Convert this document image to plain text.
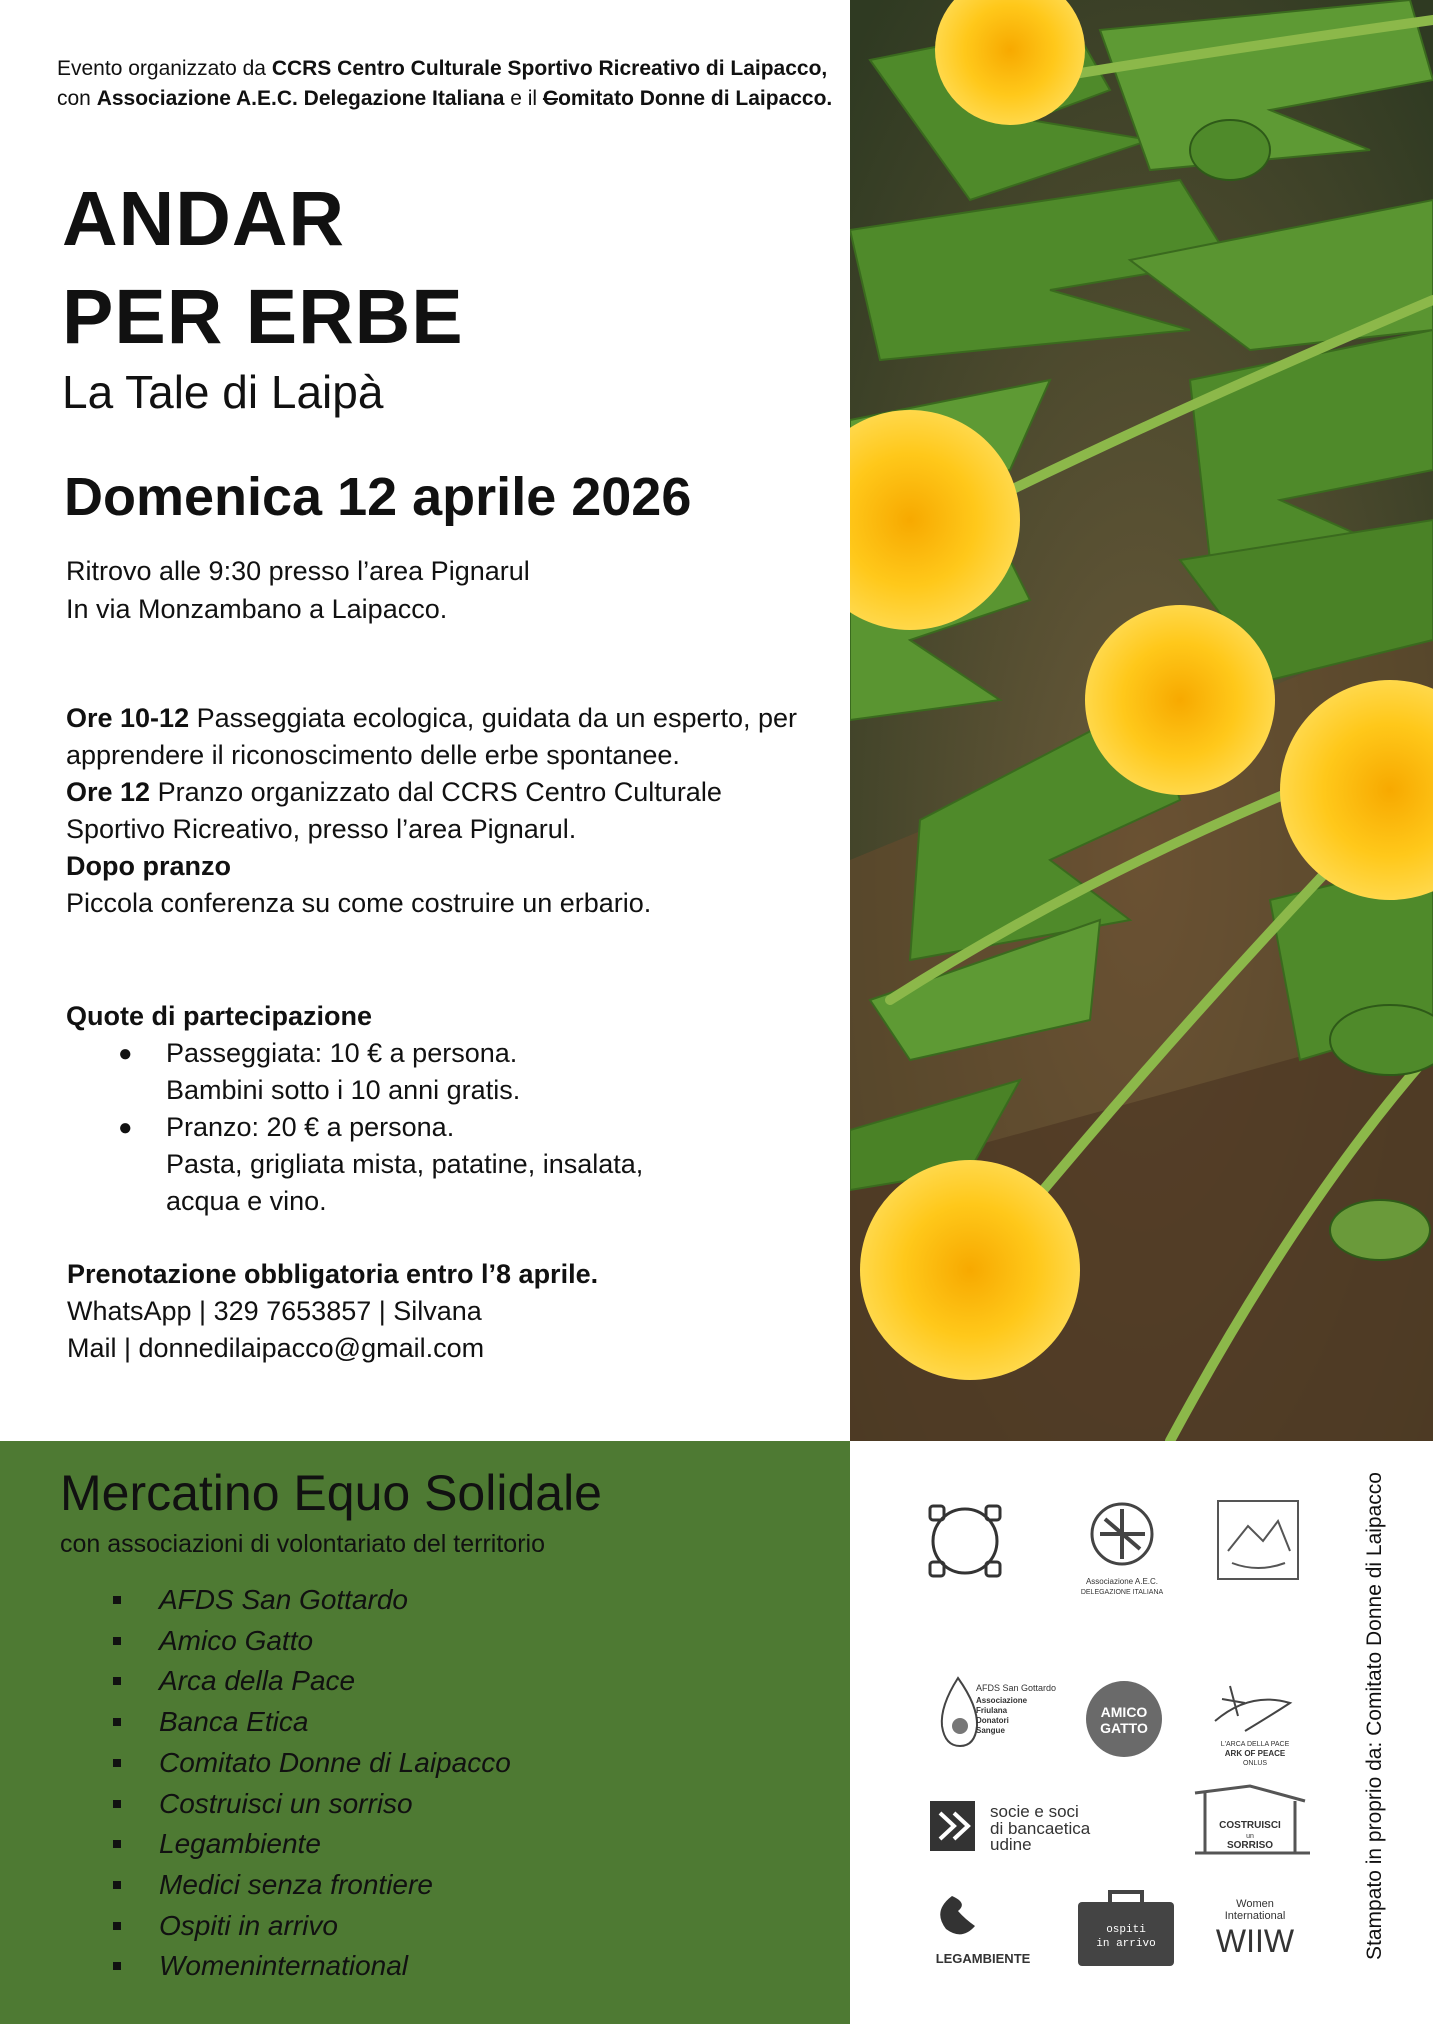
Evento organizzato da CCRS Centro Culturale Sportivo Ricreativo di Laipacco, con Associazione A.E.C. Delegazione Italiana e il Comitato Donne di Laipacco.
ANDAR
PER ERBE
La Tale di Laipà
Domenica 12 aprile 2026
Ritrovo alle 9:30 presso l’area Pignarul
In via Monzambano a Laipacco.

Ore 10-12 Passeggiata ecologica, guidata da un esperto, per apprendere il riconoscimento delle erbe spontanee.

Ore 12 Pranzo organizzato dal CCRS Centro Culturale Sportivo Ricreativo, presso l’area Pignarul.

Dopo pranzo
Piccola conferenza su come costruire un erbario.

Quote di partecipazione
● Passeggiata: 10 € a persona.
Bambini sotto i 10 anni gratis.
● Pranzo: 20 € a persona.
Pasta, grigliata mista, patatine, insalata,
acqua e vino.
Prenotazione obbligatoria entro l’8 aprile.
WhatsApp | 329 7653857 | Silvana
Mail | donnedilaipacco@gmail.com
Mercatino Equo Solidale
con associazioni di volontariato del territorio
AFDS San Gottardo
Amico Gatto
Arca della Pace
Banca Etica
Comitato Donne di Laipacco
Costruisci un sorriso
Legambiente
Medici senza frontiere
Ospiti in arrivo
Womeninternational
Associazione A.E.C.
DELEGAZIONE ITALIANA
AFDS San Gottardo
Associazione
Friulana
Donatori
Sangue
AMICO
GATTO
L'ARCA DELLA PACE
ARK OF PEACE
ONLUS
socie e soci
di bancaetica
udine
COSTRUISCI
un
SORRISO
LEGAMBIENTE
ospiti
in arrivo
Women
International
WIIW	Stampato in proprio da: Comitato Donne di Laipacco
